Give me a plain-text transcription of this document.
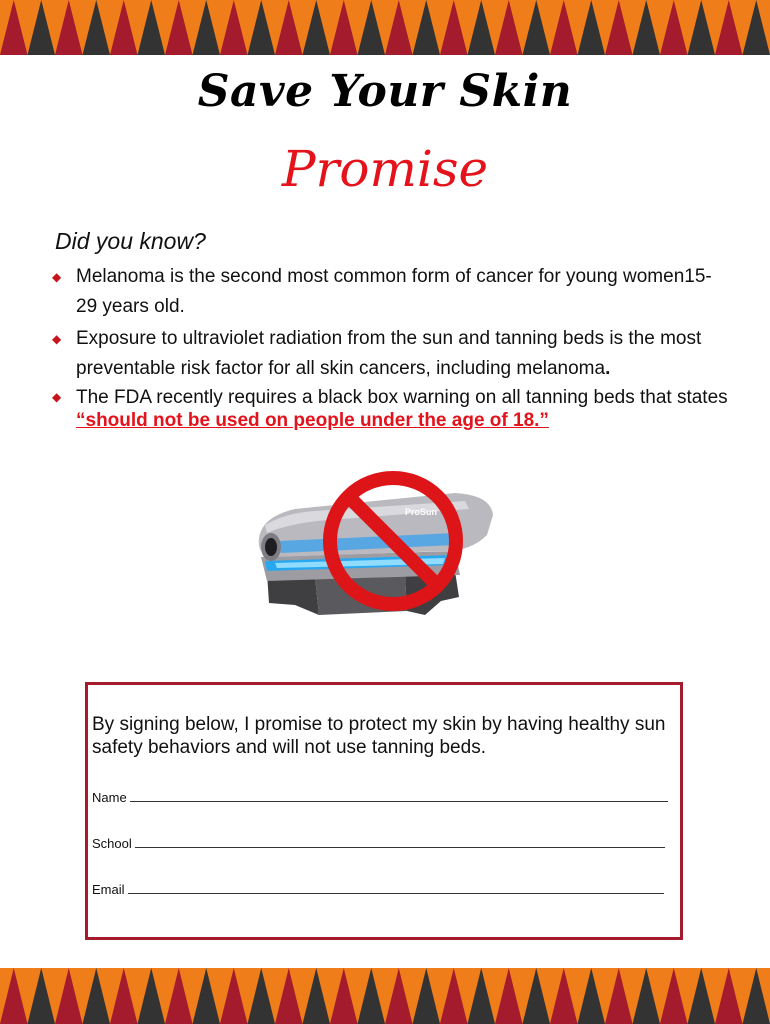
Save Your Skin
Promise
Did you know?
◆ Melanoma is the second most common form of cancer for young women15-29 years old.
◆ Exposure to ultraviolet radiation from the sun and tanning beds is the most preventable risk factor for all skin cancers, including melanoma.
◆ The FDA recently requires a black box warning on all tanning beds that states “should not be used on people under the age of 18.”
ProSun
By signing below, I promise to protect my skin by having healthy sun safety behaviors and will not use tanning beds.
Name
School
Email
